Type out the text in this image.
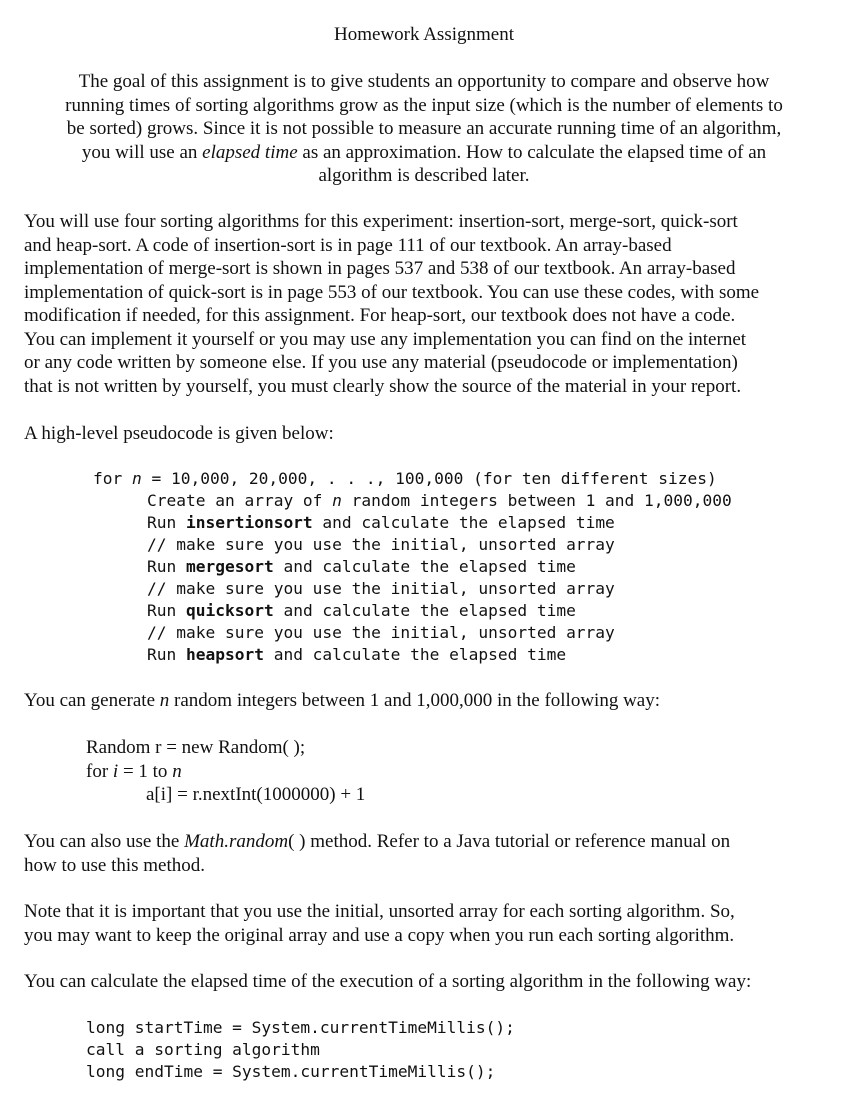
Homework Assignment
The goal of this assignment is to give students an opportunity to compare and observe how
running times of sorting algorithms grow as the input size (which is the number of elements to
be sorted) grows. Since it is not possible to measure an accurate running time of an algorithm,
you will use an elapsed time as an approximation. How to calculate the elapsed time of an
algorithm is described later.
You will use four sorting algorithms for this experiment: insertion-sort, merge-sort, quick-sort
and heap-sort. A code of insertion-sort is in page 111 of our textbook. An array-based
implementation of merge-sort is shown in pages 537 and 538 of our textbook. An array-based
implementation of quick-sort is in page 553 of our textbook. You can use these codes, with some
modification if needed, for this assignment. For heap-sort, our textbook does not have a code.
You can implement it yourself or you may use any implementation you can find on the internet
or any code written by someone else. If you use any material (pseudocode or implementation)
that is not written by yourself, you must clearly show the source of the material in your report.
A high-level pseudocode is given below:
for n = 10,000, 20,000, . . ., 100,000 (for ten different sizes)
Create an array of n random integers between 1 and 1,000,000
Run insertionsort and calculate the elapsed time
// make sure you use the initial, unsorted array
Run mergesort and calculate the elapsed time
// make sure you use the initial, unsorted array
Run quicksort and calculate the elapsed time
// make sure you use the initial, unsorted array
Run heapsort and calculate the elapsed time
You can generate n random integers between 1 and 1,000,000 in the following way:
Random r = new Random( );
for i = 1 to n
a[i] = r.nextInt(1000000) + 1
You can also use the Math.random( ) method. Refer to a Java tutorial or reference manual on
how to use this method.
Note that it is important that you use the initial, unsorted array for each sorting algorithm. So,
you may want to keep the original array and use a copy when you run each sorting algorithm.
You can calculate the elapsed time of the execution of a sorting algorithm in the following way:
long startTime = System.currentTimeMillis();
call a sorting algorithm
long endTime = System.currentTimeMillis();
